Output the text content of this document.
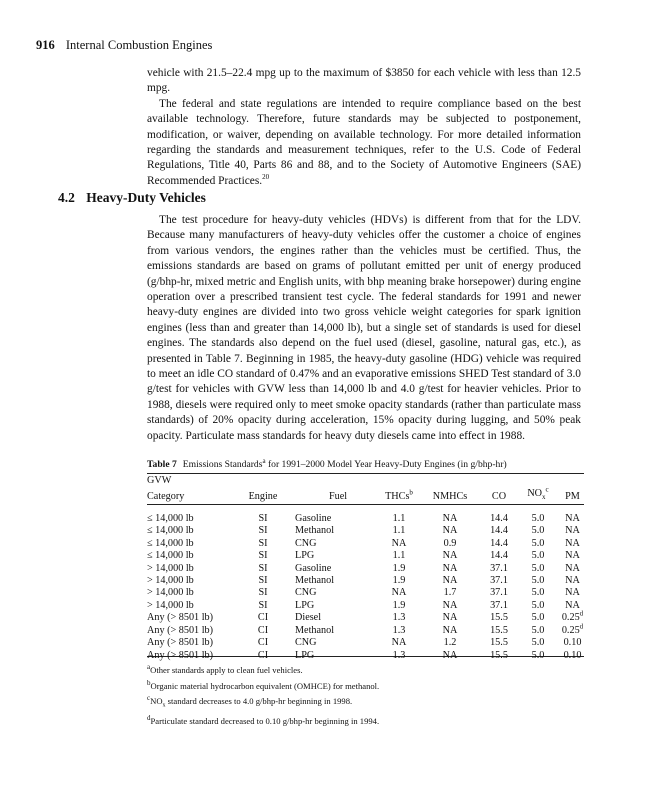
916 Internal Combustion Engines

vehicle with 21.5–22.4 mpg up to the maximum of $3850 for each vehicle with less than 12.5 mpg.

The federal and state regulations are intended to require compliance based on the best available technology. Therefore, future standards may be subjected to postponement, modification, or waiver, depending on available technology. For more detailed information regarding the standards and measurement techniques, refer to the U.S. Code of Federal Regulations, Title 40, Parts 86 and 88, and to the Society of Automotive Engineers (SAE) Recommended Practices.$^{20}$

4.2 Heavy-Duty Vehicles

The test procedure for heavy-duty vehicles (HDVs) is different from that for the LDV. Because many manufacturers of heavy-duty vehicles offer the customer a choice of engines from various vendors, the engines rather than the vehicles must be certified. Thus, the emissions standards are based on grams of pollutant emitted per unit of energy produced (g/bhp-hr, mixed metric and English units, with bhp meaning brake horsepower) during engine operation over a prescribed transient test cycle. The federal standards for 1991 and newer heavy-duty engines are divided into two gross vehicle weight categories for spark ignition engines (less than and greater than 14,000 lb), but a single set of standards is used for diesel engines. The standards also depend on the fuel used (diesel, gasoline, natural gas, etc.), as presented in Table 7. Beginning in 1985, the heavy-duty gasoline (HDG) vehicle was required to meet an idle CO standard of 0.47% and an evaporative emissions SHED Test standard of 3.0 g/test for vehicles with GVW less than 14,000 lb and 4.0 g/test for heavier vehicles. Prior to 1988, diesels were required only to meet smoke opacity standards (rather than particulate mass standards) of 20% opacity during acceleration, 15% opacity during lugging, and 50% peak opacity. Particulate mass standards for heavy duty diesels came into effect in 1988.

Table 7 Emissions Standards$^a$ for 1991–2000 Model Year Heavy-Duty Engines (in g/bhp-hr)
GVW							
Category	Engine	Fuel	THCs$^b$	NMHCs	CO	$NO_x^c$	PM
≤ 14,000 lb	SI	Gasoline	1.1	NA	14.4	5.0	NA
≤ 14,000 lb	SI	Methanol	1.1	NA	14.4	5.0	NA
≤ 14,000 lb	SI	CNG	NA	0.9	14.4	5.0	NA
≤ 14,000 lb	SI	LPG	1.1	NA	14.4	5.0	NA
> 14,000 lb	SI	Gasoline	1.9	NA	37.1	5.0	NA
> 14,000 lb	SI	Methanol	1.9	NA	37.1	5.0	NA
> 14,000 lb	SI	CNG	NA	1.7	37.1	5.0	NA
> 14,000 lb	SI	LPG	1.9	NA	37.1	5.0	NA
Any (> 8501 lb)	CI	Diesel	1.3	NA	15.5	5.0	0.25$^d$
Any (> 8501 lb)	CI	Methanol	1.3	NA	15.5	5.0	0.25$^d$
Any (> 8501 lb)	CI	CNG	NA	1.2	15.5	5.0	0.10
Any (> 8501 lb)	CI	LPG	1.3	NA	15.5	5.0	0.10
$^a$Other standards apply to clean fuel vehicles.
$^b$Organic material hydrocarbon equivalent (OMHCE) for methanol.
$^cNO_x$ standard decreases to 4.0 g/bhp-hr beginning in 1998.
$^d$Particulate standard decreased to 0.10 g/bhp-hr beginning in 1994.
